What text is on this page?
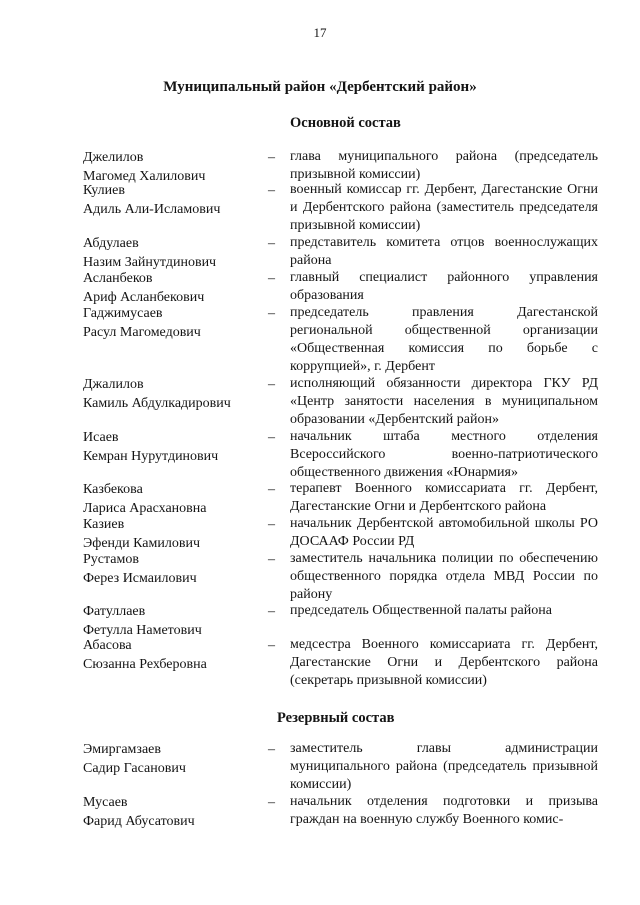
17
Муниципальный район «Дербентский район»
Основной состав
Джелилов
Магомед Халилович
– глава муниципального района (председатель призывной комиссии)
Кулиев
Адиль Али-Исламович
– военный комиссар гг. Дербент, Дагестанские Огни и Дербентского района (заместитель председателя призывной комиссии)
Абдулаев
Назим Зайнутдинович
– представитель комитета отцов военнослужащих района
Асланбеков
Ариф Асланбекович
– главный специалист районного управления образования
Гаджимусаев
Расул Магомедович
– председатель правления Дагестанской региональной общественной организации «Общественная комиссия по борьбе с коррупцией», г. Дербент
Джалилов
Камиль Абдулкадирович
– исполняющий обязанности директора ГКУ РД «Центр занятости населения в муниципальном образовании «Дербентский район»
Исаев
Кемран Нурутдинович
– начальник штаба местного отделения Всероссийского военно-патриотического общественного движения «Юнармия»
Казбекова
Лариса Арасхановна
– терапевт Военного комиссариата гг. Дербент, Дагестанские Огни и Дербентского района
Казиев
Эфенди Камилович
– начальник Дербентской автомобильной школы РО ДОСААФ России РД
Рустамов
Ферез Исмаилович
– заместитель начальника полиции по обеспечению общественного порядка отдела МВД России по району
Фатуллаев
Фетулла Наметович
– председатель Общественной палаты района
Абасова
Сюзанна Рехберовна
– медсестра Военного комиссариата гг. Дербент, Дагестанские Огни и Дербентского района (секретарь призывной комиссии)
Резервный состав
Эмиргамзаев
Садир Гасанович
– заместитель главы администрации муниципального района (председатель призывной комиссии)
Мусаев
Фарид Абусатович
– начальник отделения подготовки и призыва граждан на военную службу Военного комис-
